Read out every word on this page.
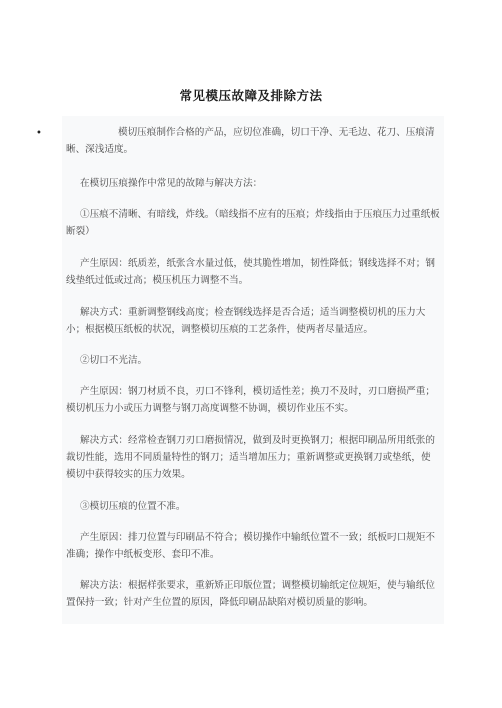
常见模压故障及排除方法
•	模切压痕制作合格的产品，应切位准确，切口干净、无毛边、花刀、压痕清晰、深浅适度。

在模切压痕操作中常见的故障与解决方法：

①压痕不清晰、有暗线，炸线。（暗线指不应有的压痕；炸线指由于压痕压力过重纸板断裂）

产生原因：纸质差，纸张含水量过低，使其脆性增加，韧性降低；钢线选择不对；钢线垫纸过低或过高；模压机压力调整不当。

解决方式：重新调整钢线高度；检查钢线选择是否合适；适当调整模切机的压力大小；根据模压纸板的状况，调整模切压痕的工艺条件，使两者尽量适应。

②切口不光洁。

产生原因：钢刀材质不良，刃口不锋利，模切适性差；换刀不及时，刃口磨损严重；模切机压力小或压力调整与钢刀高度调整不协调，模切作业压不实。

解决方式：经常检查钢刀刃口磨损情况，做到及时更换钢刀；根据印刷品所用纸张的裁切性能，选用不同质量特性的钢刀；适当增加压力；重新调整或更换钢刀或垫纸，使模切中获得较实的压力效果。

③模切压痕的位置不准。

产生原因：排刀位置与印刷品不符合；模切操作中输纸位置不一致；纸板叼口规矩不准确；操作中纸板变形、套印不准。

解决方法：根据样张要求，重新矫正印版位置；调整模切输纸定位规矩，使与输纸位置保持一致；针对产生位置的原因，降低印刷品缺陷对模切质量的影响。
